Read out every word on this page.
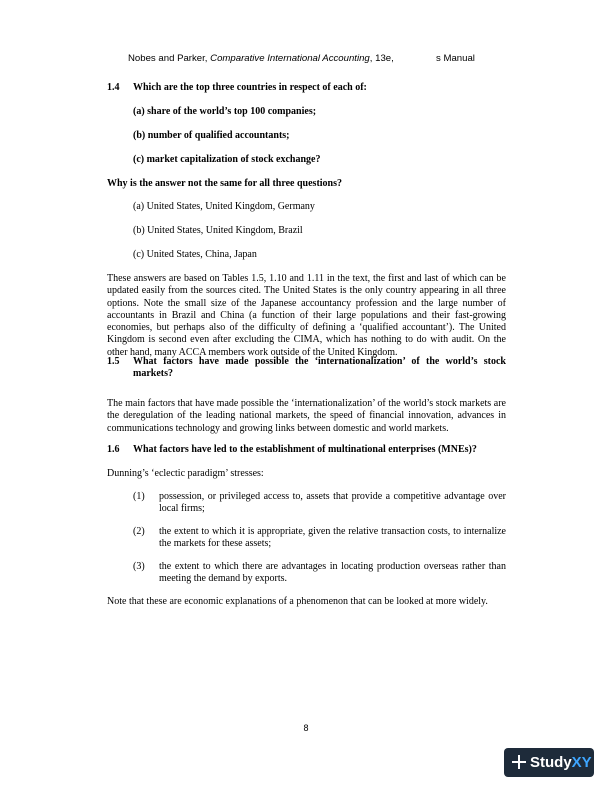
Nobes and Parker, Comparative International Accounting, 13e,	s Manual
1.4 Which are the top three countries in respect of each of:
(a) share of the world’s top 100 companies;
(b) number of qualified accountants;
(c) market capitalization of stock exchange?
Why is the answer not the same for all three questions?
(a) United States, United Kingdom, Germany
(b) United States, United Kingdom, Brazil
(c) United States, China, Japan
These answers are based on Tables 1.5, 1.10 and 1.11 in the text, the first and last of which can be updated easily from the sources cited. The United States is the only country appearing in all three options. Note the small size of the Japanese accountancy profession and the large number of accountants in Brazil and China (a function of their large populations and their fast-growing economies, but perhaps also of the difficulty of defining a ‘qualified accountant’). The United Kingdom is second even after excluding the CIMA, which has nothing to do with audit. On the other hand, many ACCA members work outside of the United Kingdom.
1.5 What factors have made possible the ‘internationalization’ of the world’s stock markets?
The main factors that have made possible the ‘internationalization’ of the world’s stock markets are the deregulation of the leading national markets, the speed of financial innovation, advances in communications technology and growing links between domestic and world markets.
1.6 What factors have led to the establishment of multinational enterprises (MNEs)?
Dunning’s ‘eclectic paradigm’ stresses:
(1) possession, or privileged access to, assets that provide a competitive advantage over local firms;
(2) the extent to which it is appropriate, given the relative transaction costs, to internalize the markets for these assets;
(3) the extent to which there are advantages in locating production overseas rather than meeting the demand by exports.
Note that these are economic explanations of a phenomenon that can be looked at more widely.
8
Study XY
